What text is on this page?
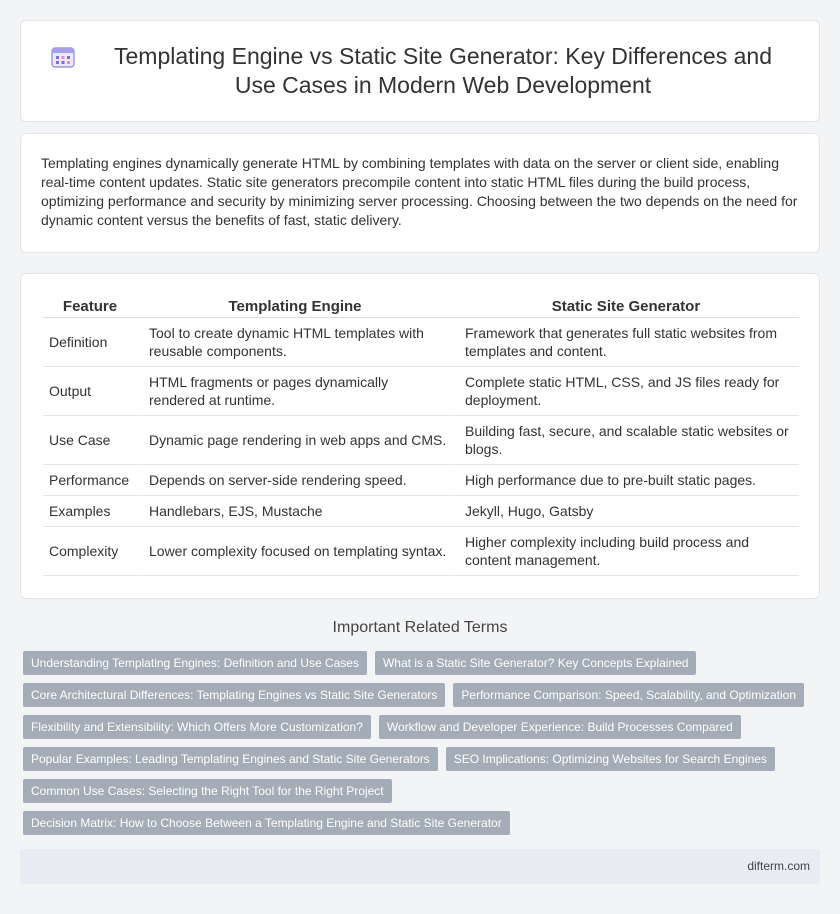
Templating Engine vs Static Site Generator: Key Differences and Use Cases in Modern Web Development

Templating engines dynamically generate HTML by combining templates with data on the server or client side, enabling real-time content updates. Static site generators precompile content into static HTML files during the build process, optimizing performance and security by minimizing server processing. Choosing between the two depends on the need for dynamic content versus the benefits of fast, static delivery.

Feature	Templating Engine	Static Site Generator
Definition	Tool to create dynamic HTML templates with reusable components.	Framework that generates full static websites from templates and content.
Output	HTML fragments or pages dynamically rendered at runtime.	Complete static HTML, CSS, and JS files ready for deployment.
Use Case	Dynamic page rendering in web apps and CMS.	Building fast, secure, and scalable static websites or blogs.
Performance	Depends on server-side rendering speed.	High performance due to pre-built static pages.
Examples	Handlebars, EJS, Mustache	Jekyll, Hugo, Gatsby
Complexity	Lower complexity focused on templating syntax.	Higher complexity including build process and content management.
Important Related Terms
Understanding Templating Engines: Definition and Use Cases	What is a Static Site Generator? Key Concepts Explained
Core Architectural Differences: Templating Engines vs Static Site Generators	Performance Comparison: Speed, Scalability, and Optimization
Flexibility and Extensibility: Which Offers More Customization?	Workflow and Developer Experience: Build Processes Compared
Popular Examples: Leading Templating Engines and Static Site Generators	SEO Implications: Optimizing Websites for Search Engines
Common Use Cases: Selecting the Right Tool for the Right Project
Decision Matrix: How to Choose Between a Templating Engine and Static Site Generator
difterm.com
